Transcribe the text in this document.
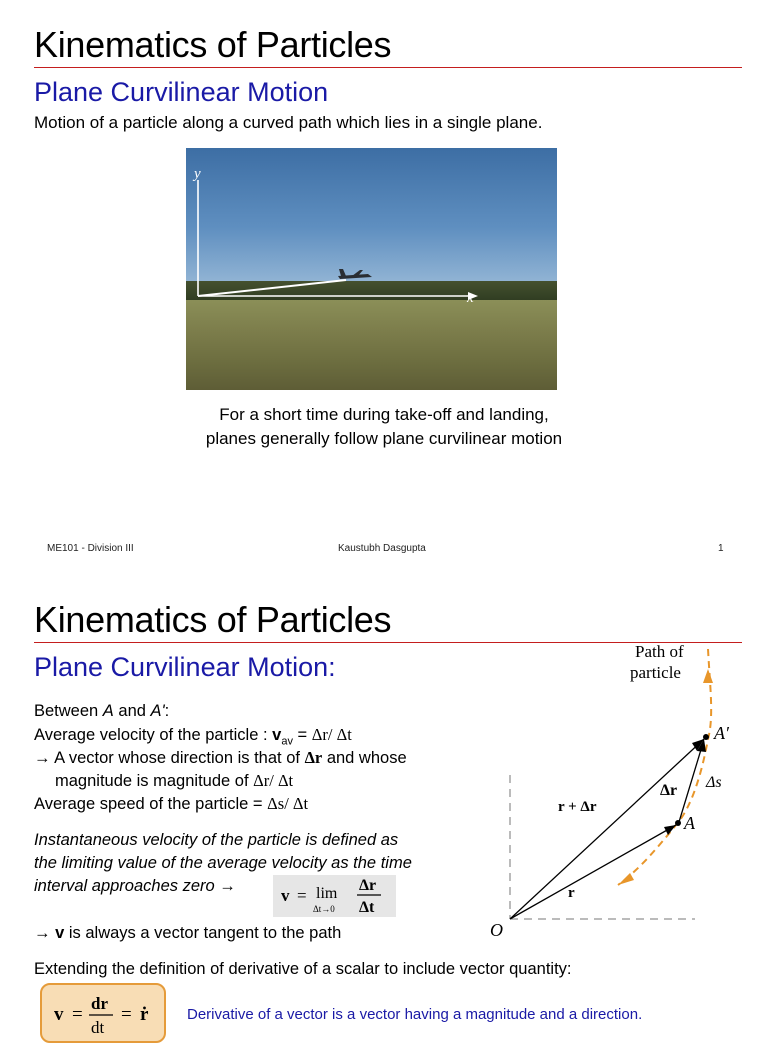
Kinematics of Particles
Plane Curvilinear Motion
Motion of a particle along a curved path which lies in a single plane.
y
x
For a short time during take-off and landing,
planes generally follow plane curvilinear motion
ME101 - Division III	Kaustubh Dasgupta	1
Kinematics of Particles
Plane Curvilinear Motion:
Between A and A':
Average velocity of the particle : $v_{av} = \Delta r/$ Δt
→ A vector whose direction is that of Δr and whose
magnitude is magnitude of Δr/ Δt
Average speed of the particle = Δs/ Δt
Instantaneous velocity of the particle is defined as
the limiting value of the average velocity as the time
interval approaches zero →	v = lim
Δt→0
Δr
Δt
→ v is always a vector tangent to the path
Extending the definition of derivative of a scalar to include vector quantity:
v =
dr
dt
= ṙ	Derivative of a vector is a vector having a magnitude and a direction.
Path of
particle
A′
A
O
Δr Δs
r + Δr
r
